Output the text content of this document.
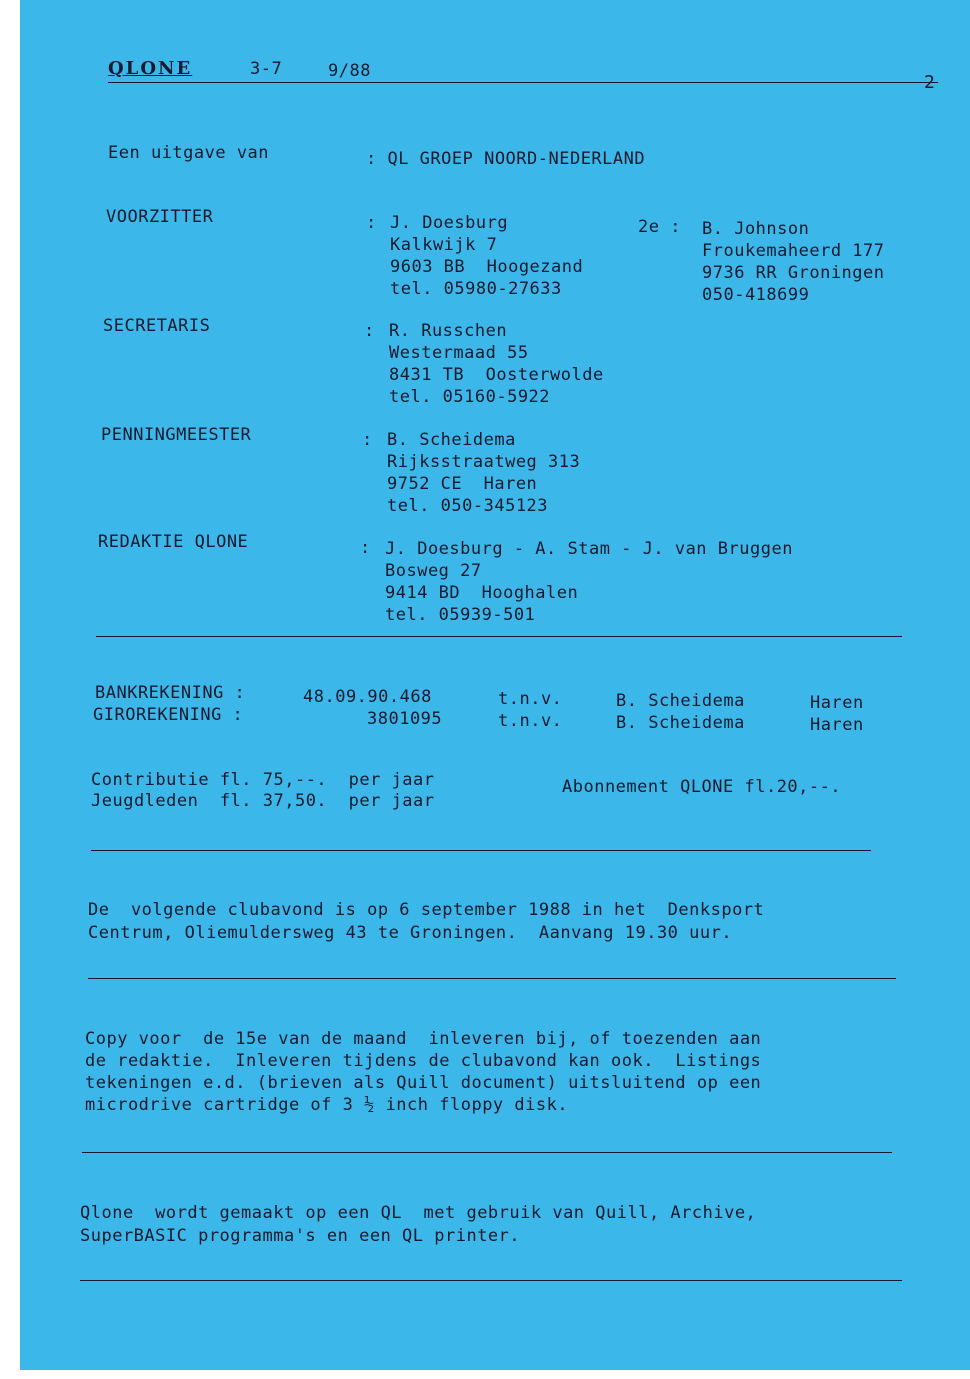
QLONE	3-7	9/88
2
Een uitgave van	: QL GROEP NOORD-NEDERLAND
VOORZITTER	: J. Doesburg
Kalkwijk 7
9603 BB  Hoogezand
tel. 05980-27633
2e : B. Johnson
Froukemaheerd 177
9736 RR Groningen
050-418699
SECRETARIS	: R. Russchen
Westermaad 55
8431 TB  Oosterwolde
tel. 05160-5922
PENNINGMEESTER	: B. Scheidema
Rijksstraatweg 313
9752 CE  Haren
tel. 050-345123
REDAKTIE QLONE	: J. Doesburg - A. Stam - J. van Bruggen
Bosweg 27
9414 BD  Hooghalen
tel. 05939-501
BANKREKENING :	48.09.90.468	t.n.v.	B. Scheidema	Haren
GIROREKENING :	3801095	t.n.v.	B. Scheidema	Haren
Contributie fl. 75,--.  per jaar
Jeugdleden  fl. 37,50.  per jaar
Abonnement QLONE fl.20,--.
De  volgende clubavond is op 6 september 1988 in het  Denksport
Centrum, Oliemuldersweg 43 te Groningen.  Aanvang 19.30 uur.
Copy voor  de 15e van de maand  inleveren bij, of toezenden aan
de redaktie.  Inleveren tijdens de clubavond kan ook.  Listings
tekeningen e.d. (brieven als Quill document) uitsluitend op een
microdrive cartridge of 3 ½ inch floppy disk.
Qlone  wordt gemaakt op een QL  met gebruik van Quill, Archive,
SuperBASIC programma's en een QL printer.
